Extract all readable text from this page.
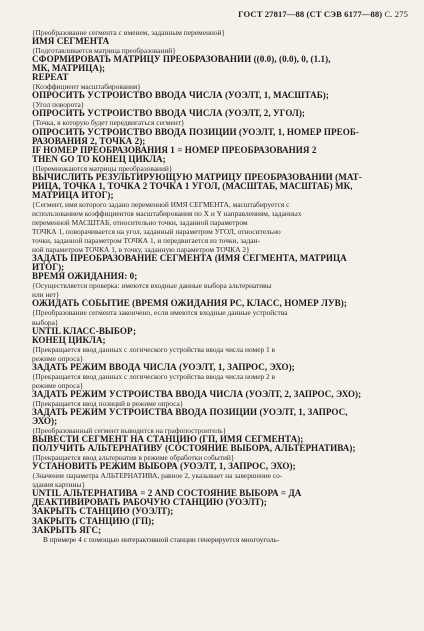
ГОСТ 27817—88 (СТ СЭВ 6177—88) С. 275
{Преобразование сегмента с именем, заданным переменной}
ИМЯ СЕГМЕНТА
{Подготавливается матрица преобразований}
СФОРМИРОВАТЬ МАТРИЦУ ПРЕОБРАЗОВАНИЙ ((0.0), (0.0), 0, (1.1),
МК, МАТРИЦА);
REPEAT
{Коэффициент масштабирования}
ОПРОСИТЬ УСТРОЙСТВО ВВОДА ЧИСЛА (УОЭЛТ, 1, МАСШТАБ);
{Угол поворота}
ОПРОСИТЬ УСТРОЙСТВО ВВОДА ЧИСЛА (УОЭЛТ, 2, УГОЛ);
{Точка, в которую будет передвигаться сегмент}
ОПРОСИТЬ УСТРОЙСТВО ВВОДА ПОЗИЦИИ (УОЭЛТ, 1, НОМЕР ПРЕОБ-
РАЗОВАНИЯ 2, ТОЧКА 2);
IF НОМЕР ПРЕОБРАЗОВАНИЯ 1 = НОМЕР ПРЕОБРАЗОВАНИЯ 2
THEN GO TO КОНЕЦ ЦИКЛА;
{Перемножаются матрицы преобразований}
ВЫЧИСЛИТЬ РЕЗУЛЬТИРУЮЩУЮ МАТРИЦУ ПРЕОБРАЗОВАНИЙ (МАТ-
РИЦА, ТОЧКА 1, ТОЧКА 2 ТОЧКА 1 УГОЛ, (МАСШТАБ, МАСШТАБ) МК,
МАТРИЦА ИТОГ);
{Сегмент, имя которого задано переменной ИМЯ СЕГМЕНТА, масштабируется с
использованием коэффициентов масштабирования по X и Y направлениям, заданных
переменной МАСШТАБ, относительно точки, заданной параметром
ТОЧКА 1, поворачивается на угол, заданный параметром УГОЛ, относительно
точки, заданной параметром ТОЧКА 1, и передвигается из точки, задан-
ной параметром ТОЧКА 1, в точку, заданную параметром ТОЧКА 2}
ЗАДАТЬ ПРЕОБРАЗОВАНИЕ СЕГМЕНТА (ИМЯ СЕГМЕНТА, МАТРИЦА
ИТОГ);
ВРЕМЯ ОЖИДАНИЯ: 0;
{Осуществляется проверка: имеются входные данные выбора альтернативы
или нет}
ОЖИДАТЬ СОБЫТИЕ (ВРЕМЯ ОЖИДАНИЯ PC, КЛАСС, НОМЕР ЛУВ);
{Преобразование сегмента закончено, если имеются входные данные устройства
выбора}
UNTIL КЛАСС-ВЫБОР;
КОНЕЦ ЦИКЛА;
{Прекращается ввод данных с логического устройства ввода числа номер 1 в
режиме опроса}
ЗАДАТЬ РЕЖИМ ВВОДА ЧИСЛА (УОЭЛТ, 1, ЗАПРОС, ЭХО);
{Прекращается ввод данных с логического устройства ввода числа номер 2 в
режиме опроса}
ЗАДАТЬ РЕЖИМ УСТРОЙСТВА ВВОДА ЧИСЛА (УОЭЛТ, 2, ЗАПРОС, ЭХО);
{Прекращается ввод позиций в режиме опроса}
ЗАДАТЬ РЕЖИМ УСТРОЙСТВА ВВОДА ПОЗИЦИИ (УОЭЛТ, 1, ЗАПРОС,
ЭХО);
{Преобразованный сегмент выводится на графопостроитель}
ВЫВЕСТИ СЕГМЕНТ НА СТАНЦИЮ (ГП, ИМЯ СЕГМЕНТА);
ПОЛУЧИТЬ АЛЬТЕРНАТИВУ (СОСТОЯНИЕ ВЫБОРА, АЛЬТЕРНАТИВА);
{Прекращается ввод альтернатив в режиме обработки событий}
УСТАНОВИТЬ РЕЖИМ ВЫБОРА (УОЭЛТ, 1, ЗАПРОС, ЭХО);
{Значение параметра АЛЬТЕРНАТИВА, равное 2, указывает на завершение со-
здания картины}
UNTIL АЛЬТЕРНАТИВА = 2 AND СОСТОЯНИЕ ВЫБОРА = ДА
ДЕАКТИВИРОВАТЬ РАБОЧУЮ СТАНЦИЮ (УОЭЛТ);
ЗАКРЫТЬ СТАНЦИЮ (УОЭЛТ);
ЗАКРЫТЬ СТАНЦИЮ (ГП);
ЗАКРЫТЬ ЯГС;
В примере 4 с помощью интерактивной станции генерируется многоуголь-
